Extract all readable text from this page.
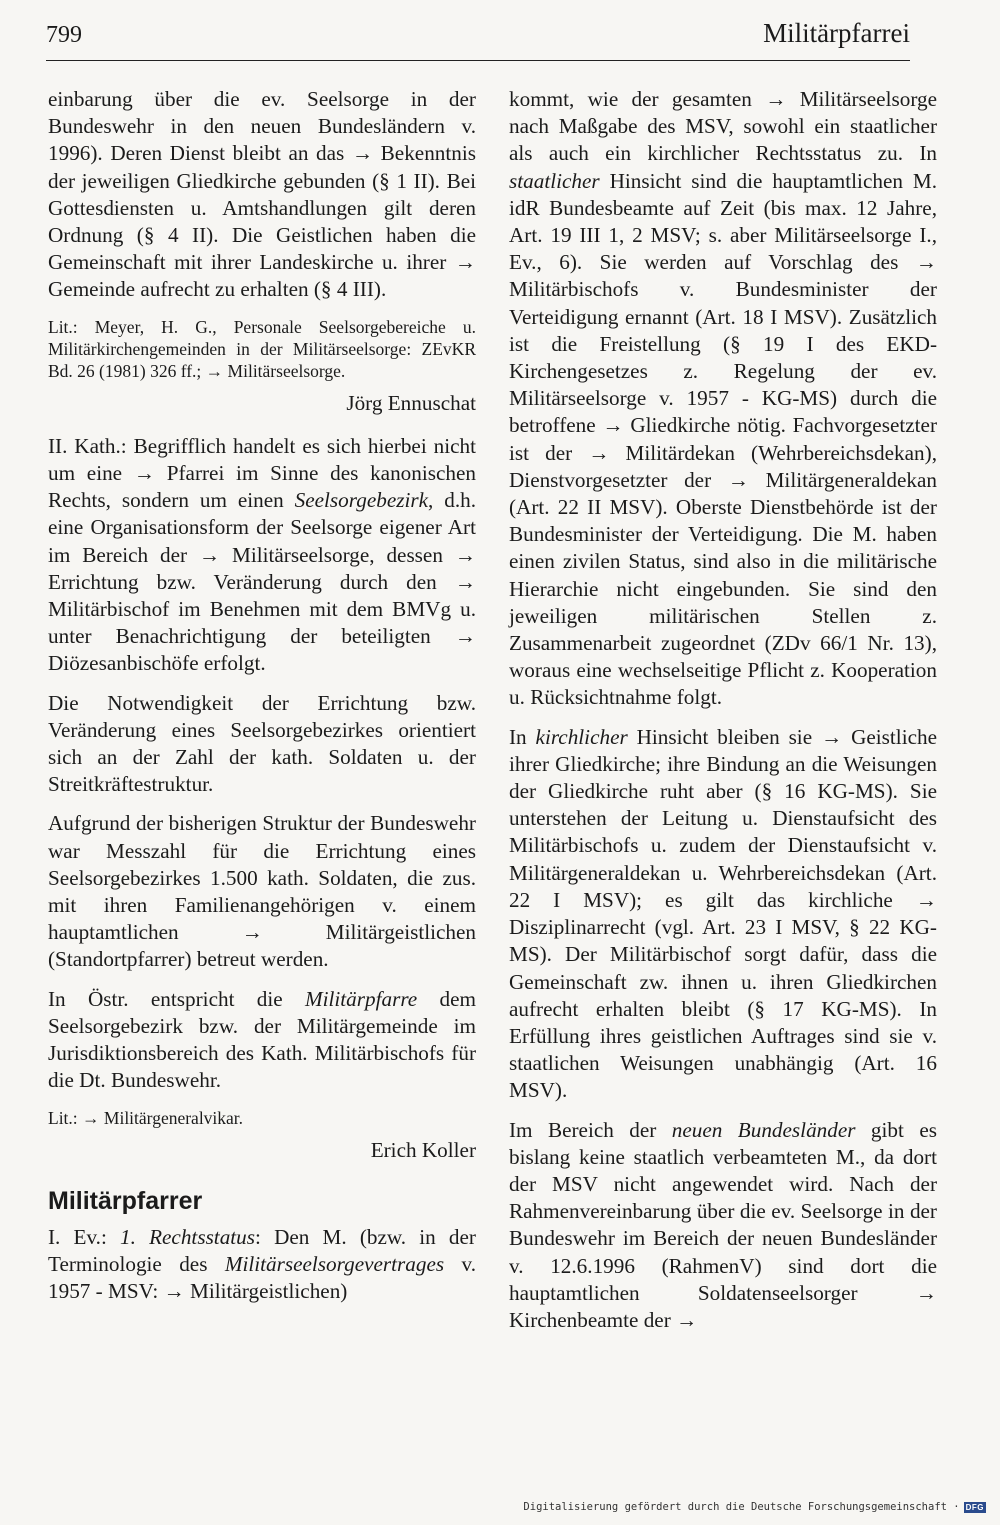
799	Militärpfarrei

einbarung über die ev. Seelsorge in der Bundeswehr in den neuen Bundesländern v. 1996). Deren Dienst bleibt an das → Bekenntnis der jeweiligen Gliedkirche gebunden (§ 1 II). Bei Gottesdiensten u. Amtshandlungen gilt deren Ordnung (§ 4 II). Die Geistlichen haben die Gemeinschaft mit ihrer Landeskirche u. ihrer → Gemeinde aufrecht zu erhalten (§ 4 III).

Lit.: Meyer, H. G., Personale Seelsorgebereiche u. Militärkirchengemeinden in der Militärseelsorge: ZEvKR Bd. 26 (1981) 326 ff.; → Militärseelsorge.

Jörg Ennuschat

II. Kath.: Begrifflich handelt es sich hierbei nicht um eine → Pfarrei im Sinne des kanonischen Rechts, sondern um einen Seelsorgebezirk, d.h. eine Organisationsform der Seelsorge eigener Art im Bereich der → Militärseelsorge, dessen → Errichtung bzw. Veränderung durch den → Militärbischof im Benehmen mit dem BMVg u. unter Benachrichtigung der beteiligten → Diözesanbischöfe erfolgt.

Die Notwendigkeit der Errichtung bzw. Veränderung eines Seelsorgebezirkes orientiert sich an der Zahl der kath. Soldaten u. der Streitkräftestruktur.

Aufgrund der bisherigen Struktur der Bundeswehr war Messzahl für die Errichtung eines Seelsorgebezirkes 1.500 kath. Soldaten, die zus. mit ihren Familienangehörigen v. einem hauptamtlichen → Militärgeistlichen (Standortpfarrer) betreut werden.

In Östr. entspricht die Militärpfarre dem Seelsorgebezirk bzw. der Militärgemeinde im Jurisdiktionsbereich des Kath. Militärbischofs für die Dt. Bundeswehr.

Lit.: → Militärgeneralvikar.

Erich Koller

Militärpfarrer

I. Ev.: 1. Rechtsstatus: Den M. (bzw. in der Terminologie des Militärseelsorgevertrages v. 1957 - MSV: → Militärgeistlichen)

kommt, wie der gesamten → Militärseelsorge nach Maßgabe des MSV, sowohl ein staatlicher als auch ein kirchlicher Rechtsstatus zu. In staatlicher Hinsicht sind die hauptamtlichen M. idR Bundesbeamte auf Zeit (bis max. 12 Jahre, Art. 19 III 1, 2 MSV; s. aber Militärseelsorge I., Ev., 6). Sie werden auf Vorschlag des → Militärbischofs v. Bundesminister der Verteidigung ernannt (Art. 18 I MSV). Zusätzlich ist die Freistellung (§ 19 I des EKD-Kirchengesetzes z. Regelung der ev. Militärseelsorge v. 1957 - KG-MS) durch die betroffene → Gliedkirche nötig. Fachvorgesetzter ist der → Militärdekan (Wehrbereichsdekan), Dienstvorgesetzter der → Militärgeneraldekan (Art. 22 II MSV). Oberste Dienstbehörde ist der Bundesminister der Verteidigung. Die M. haben einen zivilen Status, sind also in die militärische Hierarchie nicht eingebunden. Sie sind den jeweiligen militärischen Stellen z. Zusammenarbeit zugeordnet (ZDv 66/1 Nr. 13), woraus eine wechselseitige Pflicht z. Kooperation u. Rücksichtnahme folgt.

In kirchlicher Hinsicht bleiben sie → Geistliche ihrer Gliedkirche; ihre Bindung an die Weisungen der Gliedkirche ruht aber (§ 16 KG-MS). Sie unterstehen der Leitung u. Dienstaufsicht des Militärbischofs u. zudem der Dienstaufsicht v. Militärgeneraldekan u. Wehrbereichsdekan (Art. 22 I MSV); es gilt das kirchliche → Disziplinarrecht (vgl. Art. 23 I MSV, § 22 KG-MS). Der Militärbischof sorgt dafür, dass die Gemeinschaft zw. ihnen u. ihren Gliedkirchen aufrecht erhalten bleibt (§ 17 KG-MS). In Erfüllung ihres geistlichen Auftrages sind sie v. staatlichen Weisungen unabhängig (Art. 16 MSV).

Im Bereich der neuen Bundesländer gibt es bislang keine staatlich verbeamteten M., da dort der MSV nicht angewendet wird. Nach der Rahmenvereinbarung über die ev. Seelsorge in der Bundeswehr im Bereich der neuen Bundesländer v. 12.6.1996 (RahmenV) sind dort die hauptamtlichen Soldatenseelsorger → Kirchenbeamte der →

Digitalisierung gefördert durch die Deutsche Forschungsgemeinschaft · DFG
